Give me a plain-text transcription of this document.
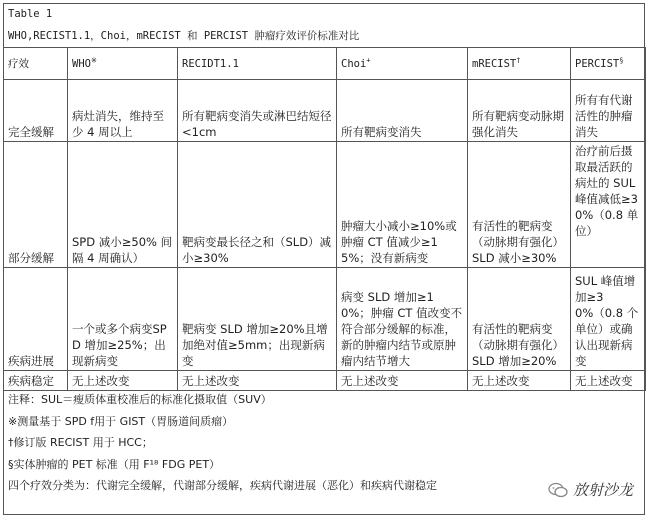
Table 1
WHO,RECIST1.1，Choi，mRECIST 和 PERCIST 肿瘤疗效评价标准对比
疗效	WHO※	RECIDT1.1	Choi+	mRECIST†	PERCIST§
完全缓解	病灶消失，维持至少 4 周以上	所有靶病变消失或淋巴结短径<1cm	所有靶病变消失	所有靶病变动脉期强化消失	所有有代谢活性的肿瘤消失
部分缓解	SPD 减小≥50% 间隔 4 周确认）	靶病变最长径之和（SLD）减小≥30%	肿瘤大小减小≥10%或肿瘤 CT 值减少≥15%；没有新病变	有活性的靶病变（动脉期有强化）SLD 减小≥30%	治疗前后摄取最活跃的病灶的 SUL 峰值减低≥30%（0.8 单位）
疾病进展	一个或多个病变SPD 增加≥25%；出现新病变	靶病变 SLD 增加≥20%且增加绝对值≥5mm；出现新病变	病变 SLD 增加≥10%；肿瘤 CT 值改变不符合部分缓解的标准，新的肿瘤内结节或原肿瘤内结节增大	有活性的靶病变（动脉期有强化）SLD 增加≥20%	SUL 峰值增加≥30%（0.8 个单位）或确认出现新病变
疾病稳定	无上述改变	无上述改变	无上述改变	无上述改变	无上述改变
注释：SUL＝瘦质体重校准后的标准化摄取值（SUV）
※测量基于 SPD f用于 GIST（胃肠道间质瘤）
†修订版 RECIST 用于 HCC；
§实体肿瘤的 PET 标准（用 F¹⁸ FDG PET）
四个疗效分类为：代谢完全缓解，代谢部分缓解，疾病代谢进展（恶化）和疾病代谢稳定	放射沙龙
